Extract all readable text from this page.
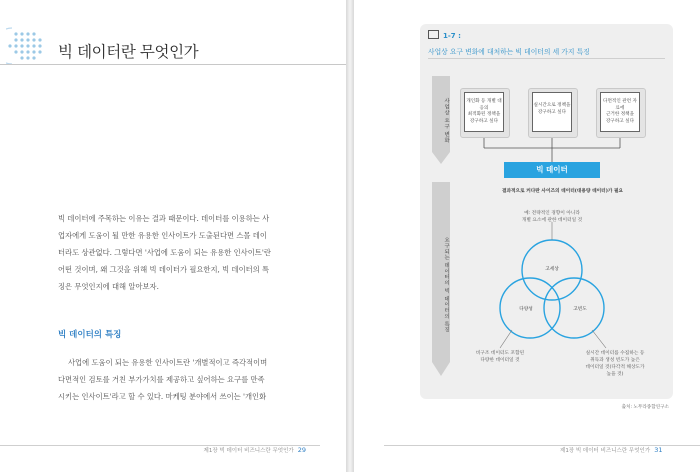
빅 데이터란 무엇인가
빅 데이터에 주목하는 이유는 결과 때문이다. 데이터를 이용하는 사
업자에게 도움이 될 만한 유용한 인사이트가 도출된다면 스몰 데이
터라도 상관없다. 그렇다면 '사업에 도움이 되는 유용한 인사이트'란
어떤 것이며, 왜 그것을 위해 빅 데이터가 필요한지, 빅 데이터의 특
징은 무엇인지에 대해 알아보자.
빅 데이터의 특징
사업에 도움이 되는 유용한 인사이트란 '개별적이고 즉각적이며
다면적인 검토를 거친 부가가치를 제공하고 싶어하는 요구를 만족
시키는 인사이트'라고 할 수 있다. 마케팅 분야에서 쓰이는 '개인화
제1장 빅 데이터 비즈니스란 무엇인가 29
1-7 :
사업상 요구 변화에 대처하는 빅 데이터의 세 가지 특징
사업상 요구 변화
요구되는 데이터의 빅 데이터의 특징
개인화 등 개별 대응의
최적화된 정책을
강구하고 싶다
실시간으로 정책을
강구하고 싶다
다면적인 관련 자료에
근거한 정책을
강구하고 싶다
빅 데이터
결과적으로 커다란 사이즈의 데이터(대용량 데이터)가 필요
예: 전략적인 경향이 아니라
개별 요소에 관한 데이터일 것
고세상
다양성	고빈도
비구조 데이터도 포함된
다량한 데이터일 것
실시간 데이터를 수집하는 등
취득과 생성 빈도가 높은
데이터일 것(다각적 해상도가
높을 것)
출처: 노무라종합연구소
제1장 빅 데이터 비즈니스란 무엇인가 31
